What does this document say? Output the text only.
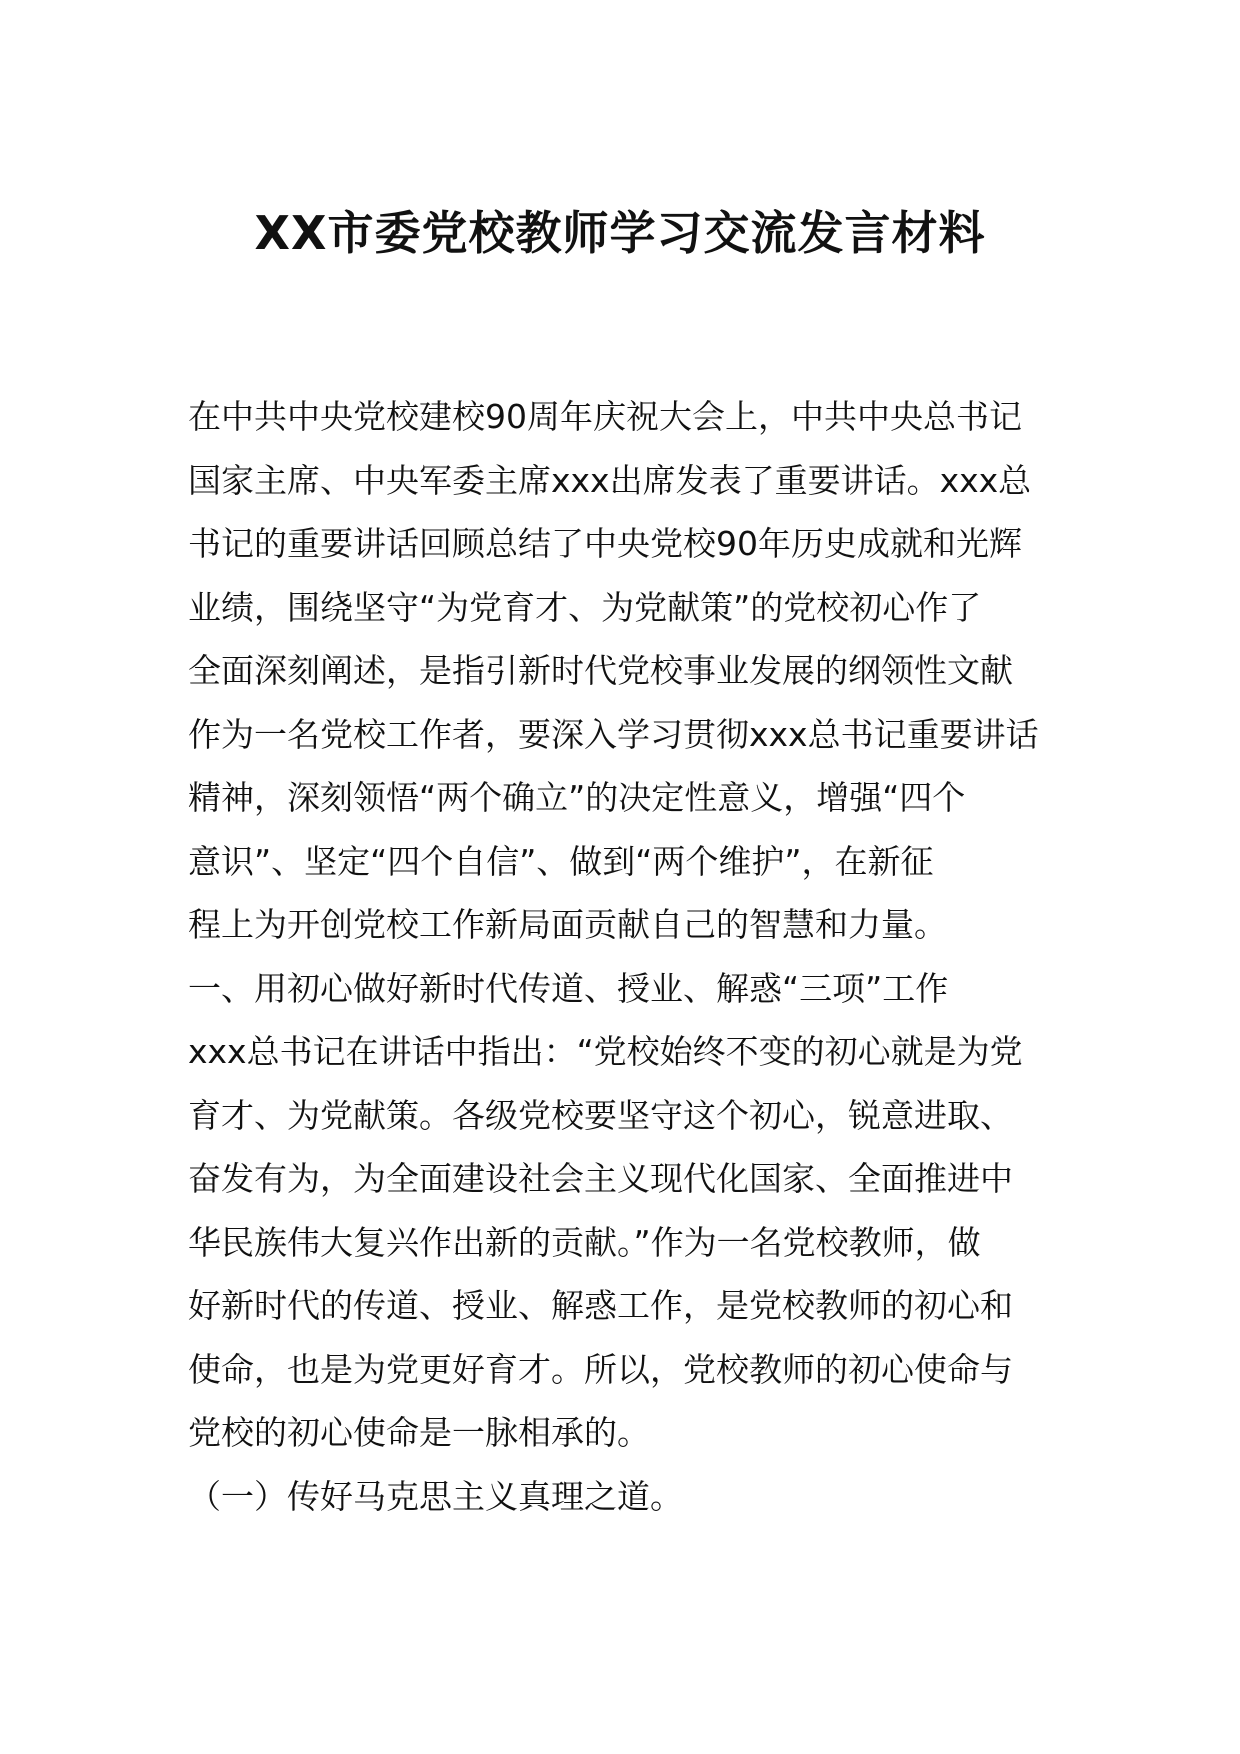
XX市委党校教师学习交流发言材料
在中共中央党校建校90周年庆祝大会上，中共中央总书记
国家主席、中央军委主席xxx出席发表了重要讲话。xxx总
书记的重要讲话回顾总结了中央党校90年历史成就和光辉
业绩，围绕坚守“为党育才、为党献策”的党校初心作了
全面深刻阐述，是指引新时代党校事业发展的纲领性文献
作为一名党校工作者，要深入学习贯彻xxx总书记重要讲话
精神，深刻领悟“两个确立”的决定性意义，增强“四个
意识”、坚定“四个自信”、做到“两个维护”，在新征
程上为开创党校工作新局面贡献自己的智慧和力量。
一、用初心做好新时代传道、授业、解惑“三项”工作
xxx总书记在讲话中指出：“党校始终不变的初心就是为党
育才、为党献策。各级党校要坚守这个初心，锐意进取、
奋发有为，为全面建设社会主义现代化国家、全面推进中
华民族伟大复兴作出新的贡献。”作为一名党校教师，做
好新时代的传道、授业、解惑工作，是党校教师的初心和
使命，也是为党更好育才。所以，党校教师的初心使命与
党校的初心使命是一脉相承的。
（一）传好马克思主义真理之道。
